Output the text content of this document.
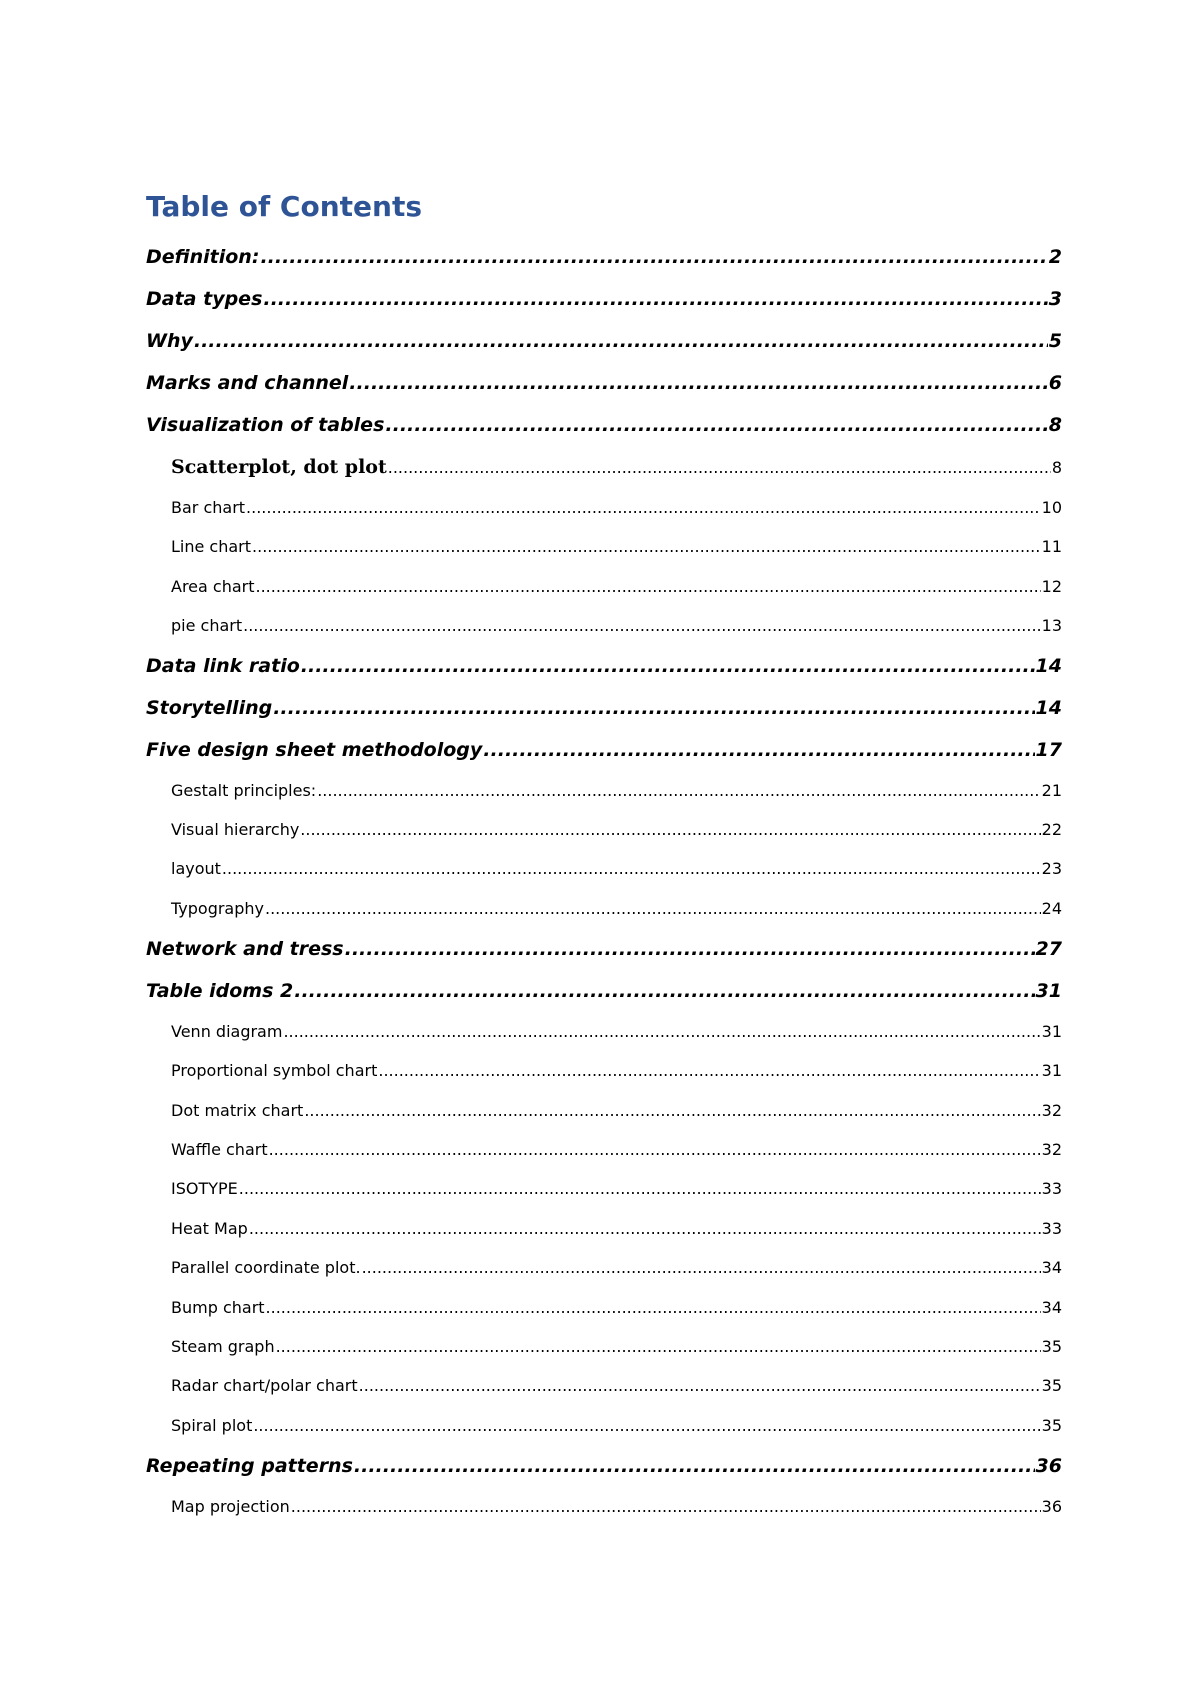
Table of Contents
Definition: .....	2
Data types .....	3
Why .....	5
Marks and channel .....	6
Visualization of tables .....	8
Scatterplot, dot plot .....	8
Bar chart .....	10
Line chart .....	11
Area chart .....	12
pie chart .....	13
Data link ratio .....	14
Storytelling .....	14
Five design sheet methodology .....	17
Gestalt principles: .....	21
Visual hierarchy .....	22
layout .....	23
Typography .....	24
Network and tress .....	27
Table idoms 2 .....	31
Venn diagram .....	31
Proportional symbol chart .....	31
Dot matrix chart .....	32
Waffle chart .....	32
ISOTYPE .....	33
Heat Map .....	33
Parallel coordinate plot. .....	34
Bump chart .....	34
Steam graph .....	35
Radar chart/polar chart .....	35
Spiral plot .....	35
Repeating patterns .....	36
Map projection .....	36
